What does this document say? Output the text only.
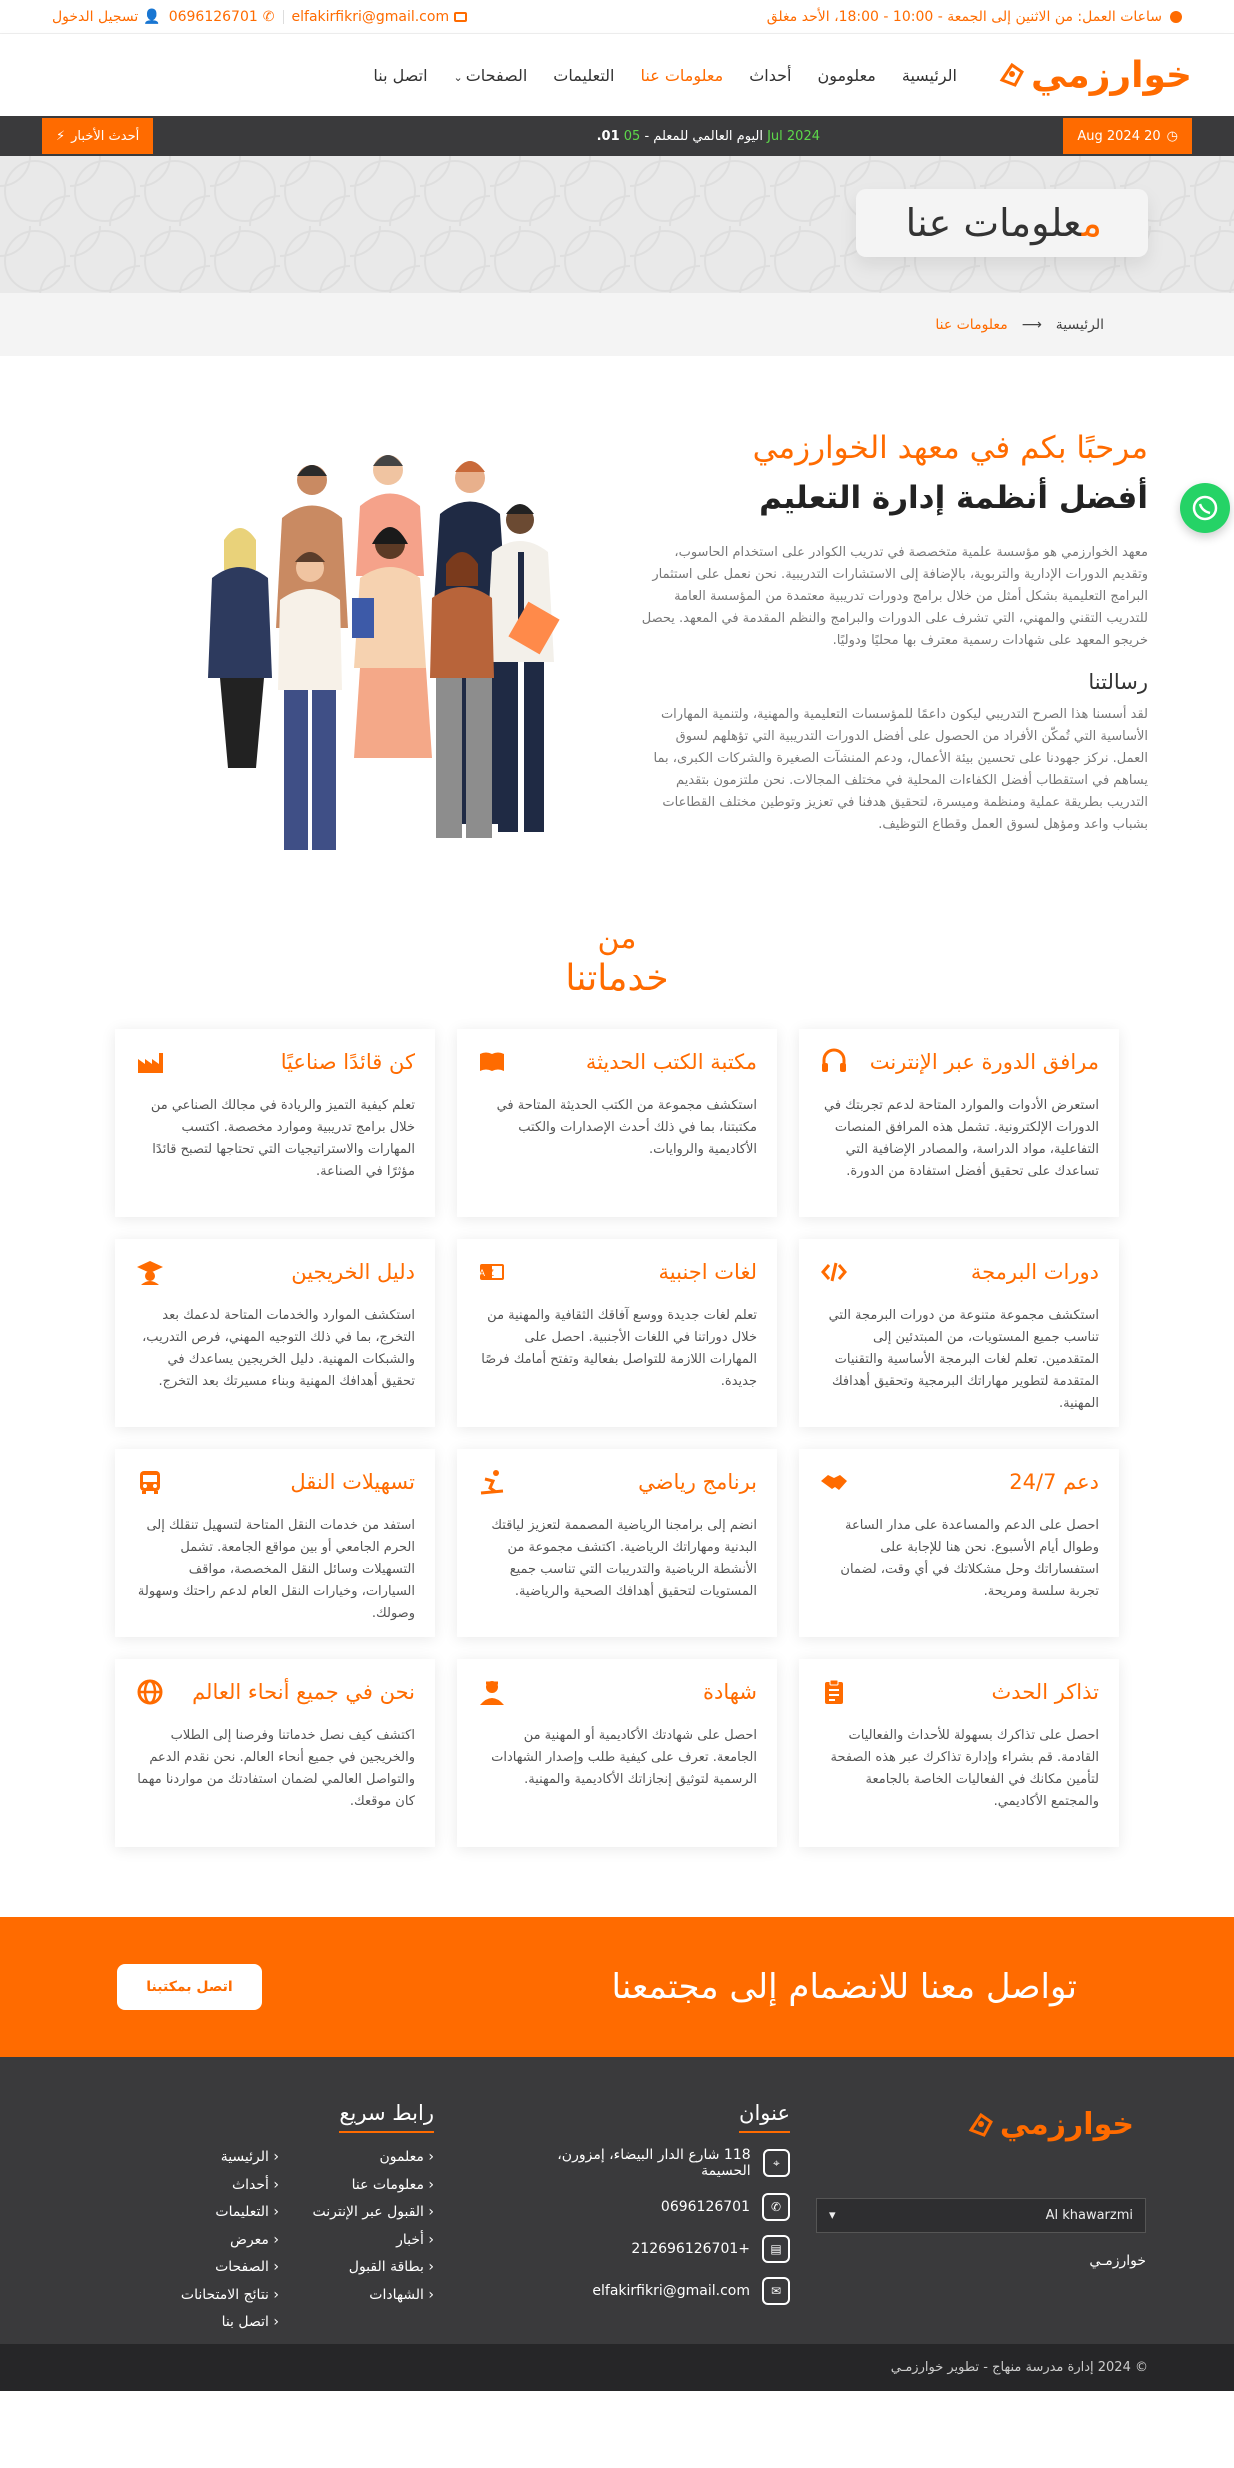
ساعات العمل: من الاثنين إلى الجمعة - 10:00 - 18:00، الأحد مغلق
elfakirfikri@gmail.com
✆
0696126701
👤
تسجيل الدخول
خوارزمي
الرئيسية
معلومون
أحداث
معلومات عنا
التعليمات
الصفحات⌄
اتصل بنا
◷
20 Aug 2024
Jul 2024 اليوم العالمي للمعلم - 05 01.
أحدث الأخبار
⚡
معلومات عنا
الرئيسية
⟶
معلومات عنا
مرحبًا بكم في معهد الخوارزمي
أفضل أنظمة إدارة التعليم

معهد الخوارزمي هو مؤسسة علمية متخصصة في تدريب الكوادر على استخدام الحاسوب، وتقديم الدورات الإدارية والتربوية، بالإضافة إلى الاستشارات التدريبية. نحن نعمل على استثمار البرامج التعليمية بشكل أمثل من خلال برامج ودورات تدريبية معتمدة من المؤسسة العامة للتدريب التقني والمهني، التي تشرف على الدورات والبرامج والنظم المقدمة في المعهد. يحصل خريجو المعهد على شهادات رسمية معترف بها محليًا ودوليًا.

رسالتنا

لقد أسسنا هذا الصرح التدريبي ليكون داعمًا للمؤسسات التعليمية والمهنية، ولتنمية المهارات الأساسية التي تُمكّن الأفراد من الحصول على أفضل الدورات التدريبية التي تؤهلهم لسوق العمل. نركز جهودنا على تحسين بيئة الأعمال، ودعم المنشآت الصغيرة والشركات الكبرى، بما يساهم في استقطاب أفضل الكفاءات المحلية في مختلف المجالات. نحن ملتزمون بتقديم التدريب بطريقة عملية ومنظمة وميسرة، لتحقيق هدفنا في تعزيز وتوطين مختلف القطاعات بشباب واعد ومؤهل لسوق العمل وقطاع التوظيف.

من
خدماتنا
مرافق الدورة عبر الإنترنت
استعرض الأدوات والموارد المتاحة لدعم تجربتك في الدورات الإلكترونية. تشمل هذه المرافق المنصات التفاعلية، مواد الدراسة، والمصادر الإضافية التي تساعدك على تحقيق أفضل استفادة من الدورة.
مكتبة الكتب الحديثة
استكشف مجموعة من الكتب الحديثة المتاحة في مكتبتنا، بما في ذلك أحدث الإصدارات والكتب الأكاديمية والروايات.
كن قائدًا صناعيًا
تعلم كيفية التميز والريادة في مجالك الصناعي من خلال برامج تدريبية وموارد مخصصة. اكتسب المهارات والاستراتيجيات التي تحتاجها لتصبح قائدًا مؤثرًا في الصناعة.
دورات البرمجة
استكشف مجموعة متنوعة من دورات البرمجة التي تناسب جميع المستويات، من المبتدئين إلى المتقدمين. تعلم لغات البرمجة الأساسية والتقنيات المتقدمة لتطوير مهاراتك البرمجية وتحقيق أهدافك المهنية.
لغات اجنبية
A Z
تعلم لغات جديدة ووسع آفاقك الثقافية والمهنية من خلال دوراتنا في اللغات الأجنبية. احصل على المهارات اللازمة للتواصل بفعالية وتفتح أمامك فرصًا جديدة.
دليل الخريجين
استكشف الموارد والخدمات المتاحة لدعمك بعد التخرج، بما في ذلك التوجيه المهني، فرص التدريب، والشبكات المهنية. دليل الخريجين يساعدك في تحقيق أهدافك المهنية وبناء مسيرتك بعد التخرج.
دعم 24/7
احصل على الدعم والمساعدة على مدار الساعة وطوال أيام الأسبوع. نحن هنا للإجابة على استفساراتك وحل مشكلاتك في أي وقت، لضمان تجربة سلسة ومريحة.
برنامج رياضي
انضم إلى برامجنا الرياضية المصممة لتعزيز لياقتك البدنية ومهاراتك الرياضية. اكتشف مجموعة من الأنشطة الرياضية والتدريبات التي تناسب جميع المستويات لتحقيق أهدافك الصحية والرياضية.
تسهيلات النقل
استفد من خدمات النقل المتاحة لتسهيل تنقلك إلى الحرم الجامعي أو بين مواقع الجامعة. تشمل التسهيلات وسائل النقل المخصصة، مواقف السيارات، وخيارات النقل العام لدعم راحتك وسهولة وصولك.
تذاكر الحدث
احصل على تذاكرك بسهولة للأحداث والفعاليات القادمة. قم بشراء وإدارة تذاكرك عبر هذه الصفحة لتأمين مكانك في الفعاليات الخاصة بالجامعة والمجتمع الأكاديمي.
شهادة
احصل على شهادتك الأكاديمية أو المهنية من الجامعة. تعرف على كيفية طلب وإصدار الشهادات الرسمية لتوثيق إنجازاتك الأكاديمية والمهنية.
نحن في جميع أنحاء العالم
اكتشف كيف نصل خدماتنا وفرصنا إلى الطلاب والخريجين في جميع أنحاء العالم. نحن نقدم الدعم والتواصل العالمي لضمان استفادتك من مواردنا مهما كان موقعك.
تواصل معنا للانضمام إلى مجتمعنا
اتصل بمكتبنا
خوارزمي
Al khawarzmi
▾
خوارزمـي
عنوان
⌖
118 شارع الدار البيضاء، إمزورن، الحسيمة
✆
0696126701
▤
+212696126701
✉
elfakirfikri@gmail.com
رابط سريع
‹ معلمون
‹ الرئيسية
‹ معلومات عنا
‹ أحداث
‹ القبول عبر الإنترنت
‹ التعليمات
‹ أخبار
‹ معرض
‹ بطاقة القبول
‹ الصفحات
‹ الشهادات
‹ نتائج الامتحانات
‹ اتصل بنا
© 2024 إدارة مدرسة منهاج - تطوير خوارزمـي
